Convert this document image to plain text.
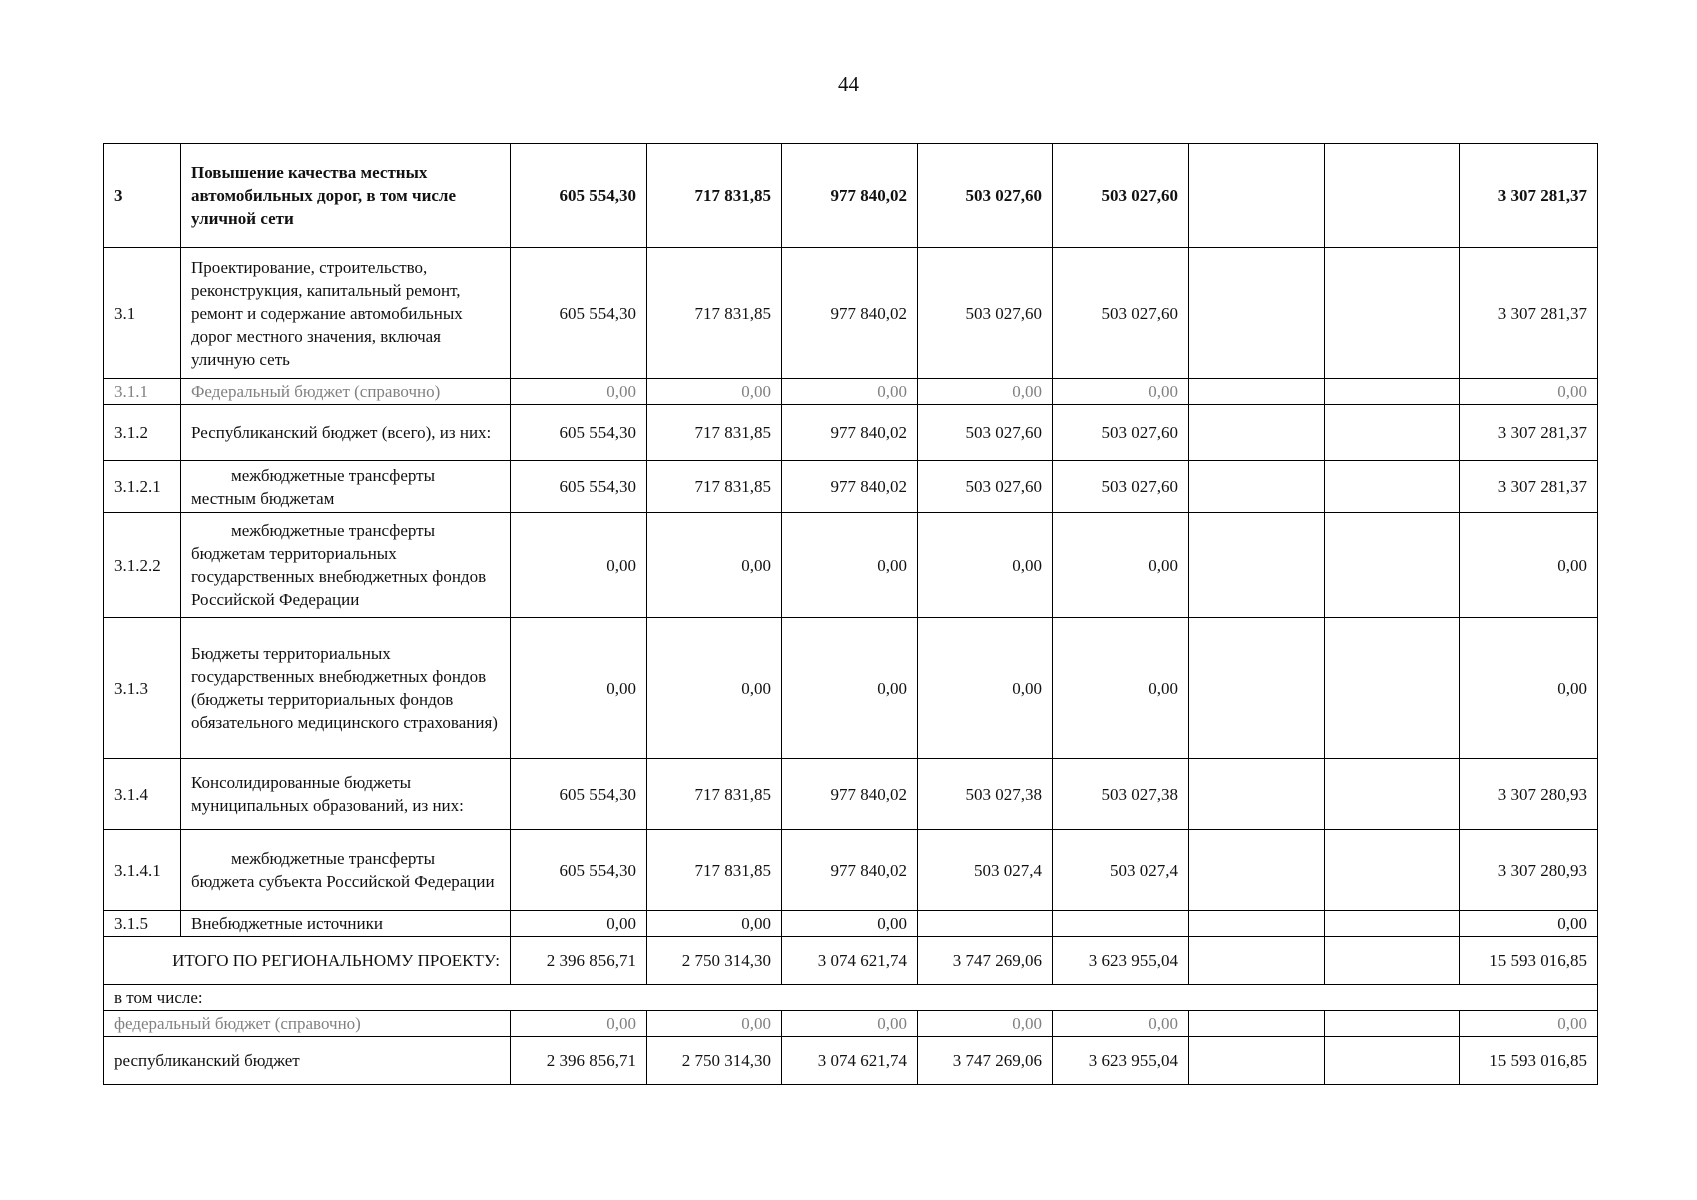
44
3	Повышение качества местных автомобильных дорог, в том числе уличной сети	605 554,30	717 831,85	977 840,02	503 027,60	503 027,60			3 307 281,37
3.1	Проектирование, строительство, реконструкция, капитальный ремонт, ремонт и содержание автомобильных дорог местного значения, включая уличную сеть	605 554,30	717 831,85	977 840,02	503 027,60	503 027,60			3 307 281,37
3.1.1	Федеральный бюджет (справочно)	0,00	0,00	0,00	0,00	0,00			0,00
3.1.2	Республиканский бюджет (всего), из них:	605 554,30	717 831,85	977 840,02	503 027,60	503 027,60			3 307 281,37
3.1.2.1	межбюджетные трансферты местным бюджетам	605 554,30	717 831,85	977 840,02	503 027,60	503 027,60			3 307 281,37
3.1.2.2	межбюджетные трансферты бюджетам территориальных государственных внебюджетных фондов Российской Федерации	0,00	0,00	0,00	0,00	0,00			0,00
3.1.3	Бюджеты территориальных государственных внебюджетных фондов (бюджеты территориальных фондов обязательного медицинского страхования)	0,00	0,00	0,00	0,00	0,00			0,00
3.1.4	Консолидированные бюджеты муниципальных образований, из них:	605 554,30	717 831,85	977 840,02	503 027,38	503 027,38			3 307 280,93
3.1.4.1	межбюджетные трансферты бюджета субъекта Российской Федерации	605 554,30	717 831,85	977 840,02	503 027,4	503 027,4			3 307 280,93
3.1.5	Внебюджетные источники	0,00	0,00	0,00					0,00
ИТОГО ПО РЕГИОНАЛЬНОМУ ПРОЕКТУ:		2 396 856,71	2 750 314,30	3 074 621,74	3 747 269,06	3 623 955,04			15 593 016,85
в том числе:									
федеральный бюджет (справочно)		0,00	0,00	0,00	0,00	0,00			0,00
республиканский бюджет		2 396 856,71	2 750 314,30	3 074 621,74	3 747 269,06	3 623 955,04			15 593 016,85
